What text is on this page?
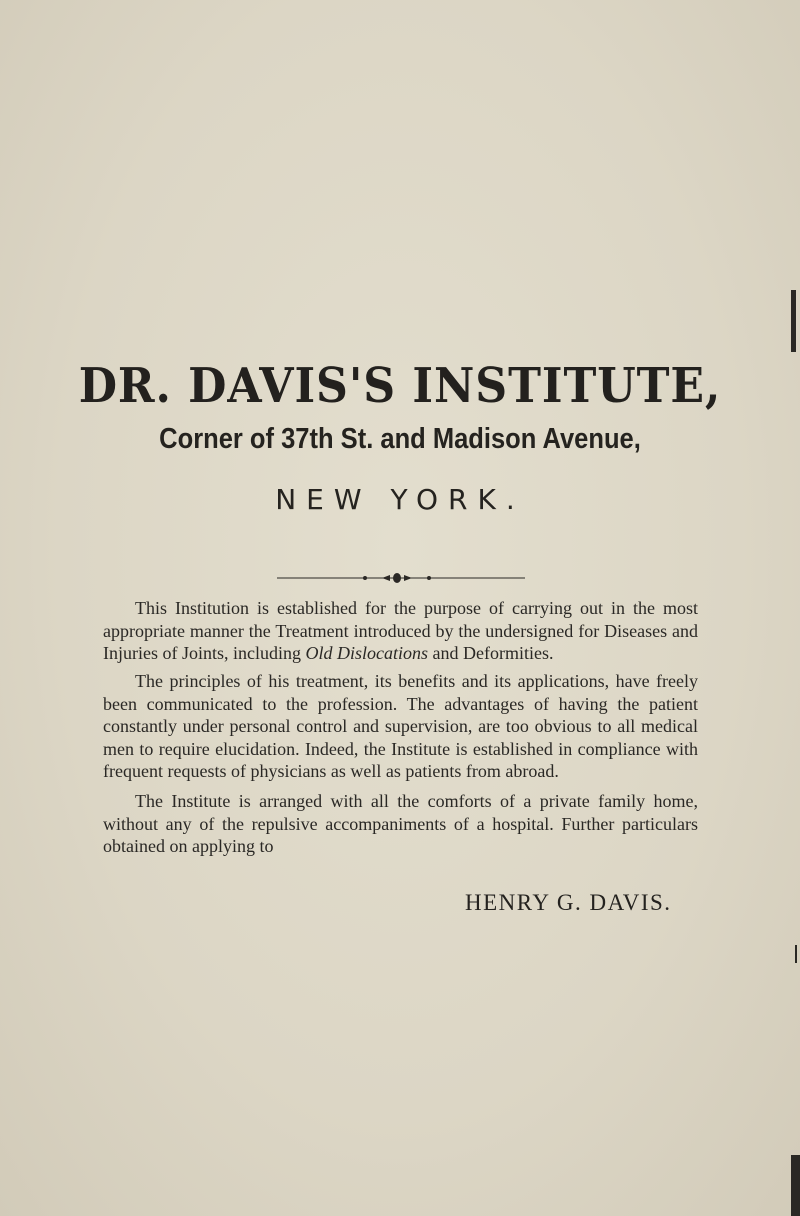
DR. DAVIS'S INSTITUTE,
Corner of 37th St. and Madison Avenue,
NEW YORK.
This Institution is established for the purpose of carrying out in the most appropriate manner the Treatment introduced by the undersigned for Diseases and Injuries of Joints, including Old Dislocations and Deformities.
The principles of his treatment, its benefits and its applications, have freely been communicated to the profession. The advantages of having the patient constantly under personal control and supervision, are too obvious to all medical men to require elucidation. Indeed, the Institute is established in compliance with frequent requests of physicians as well as patients from abroad.
The Institute is arranged with all the comforts of a private family home, without any of the repulsive accompaniments of a hospital. Further particulars obtained on applying to
HENRY G. DAVIS.
